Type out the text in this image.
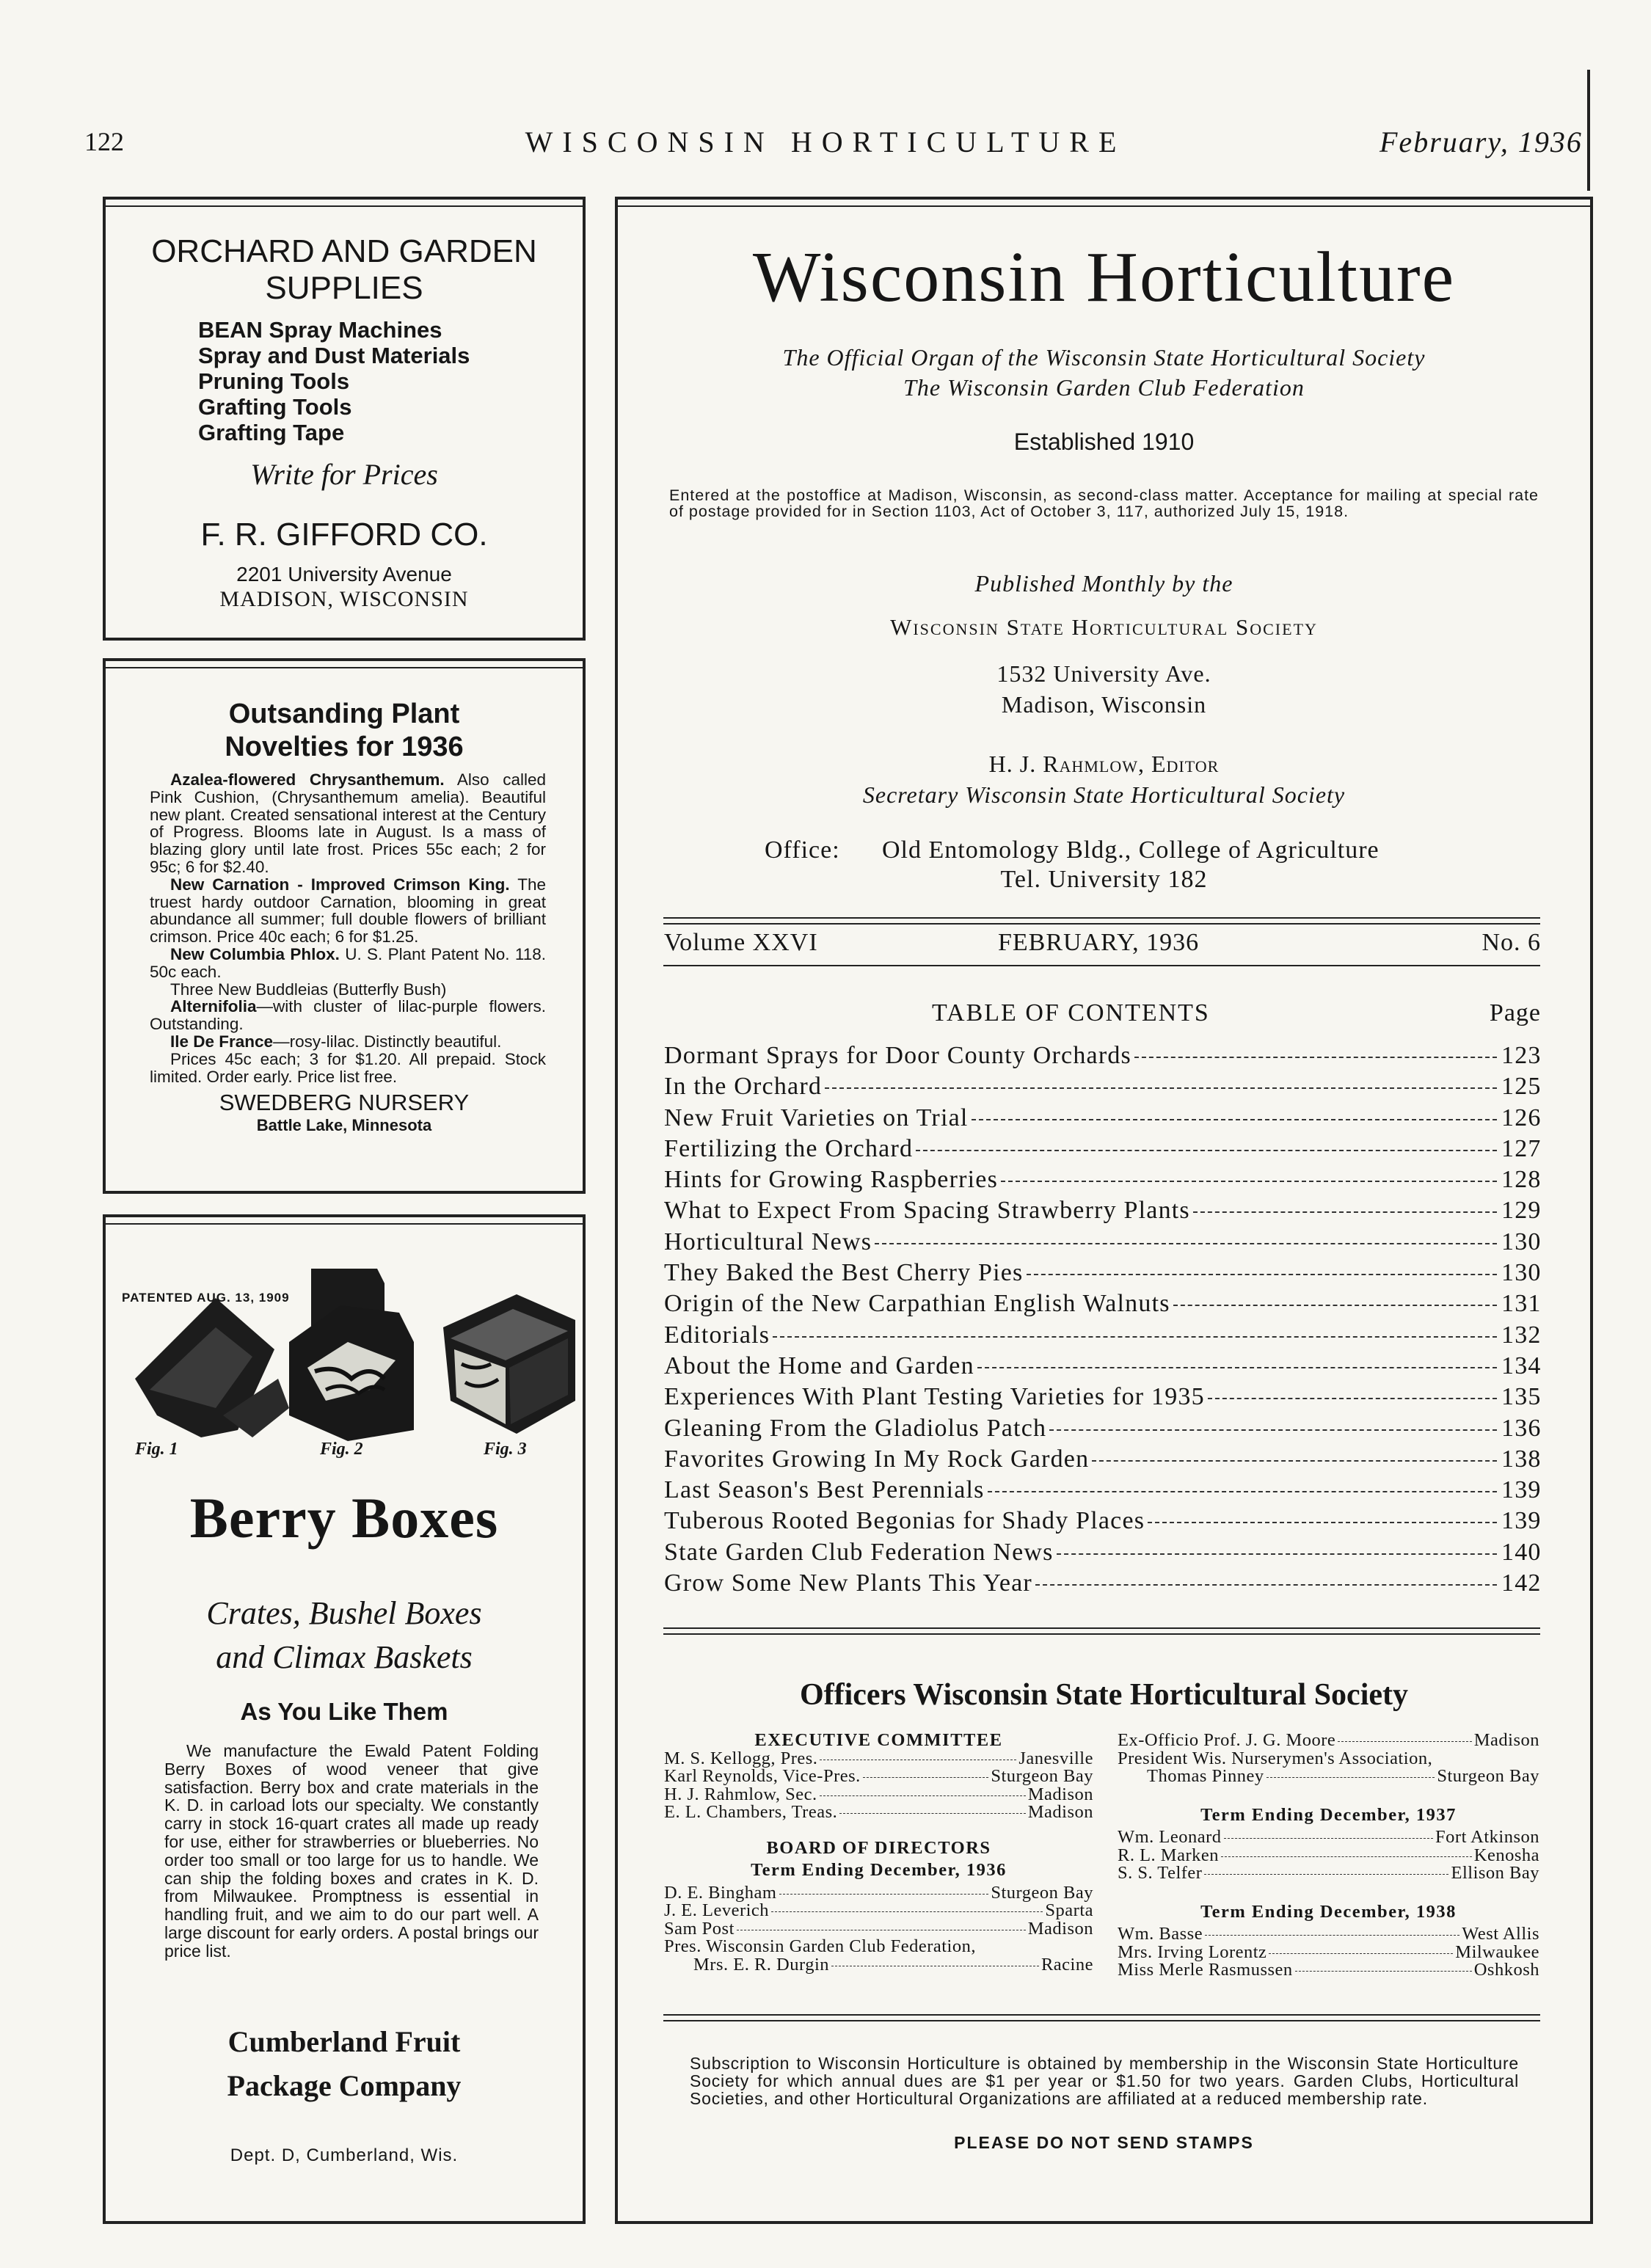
122	WISCONSIN HORTICULTURE	February, 1936
ORCHARD AND GARDEN SUPPLIES
BEAN Spray Machines
Spray and Dust Materials
Pruning Tools
Grafting Tools
Grafting Tape
Write for Prices
F. R. GIFFORD CO.
2201 University Avenue
MADISON, WISCONSIN
Outsanding Plant Novelties for 1936

Azalea-flowered Chrysanthemum. Also called Pink Cushion, (Chrysanthemum amelia). Beautiful new plant. Created sensational interest at the Century of Progress. Blooms late in August. Is a mass of blazing glory until late frost. Prices 55c each; 2 for 95c; 6 for $2.40.

New Carnation - Improved Crimson King. The truest hardy outdoor Carnation, blooming in great abundance all summer; full double flowers of brilliant crimson. Price 40c each; 6 for $1.25.

New Columbia Phlox. U. S. Plant Patent No. 118. 50c each.

Three New Buddleias (Butterfly Bush)

Alternifolia—with cluster of lilac-purple flowers. Outstanding.

Ile De France—rosy-lilac. Distinctly beautiful.

Prices 45c each; 3 for $1.20. All prepaid. Stock limited. Order early. Price list free.

SWEDBERG NURSERY
Battle Lake, Minnesota
PATENTED AUG. 13, 1909
Fig. 1	Fig. 2	Fig. 3
Berry Boxes
Crates, Bushel Boxes
and Climax Baskets
As You Like Them
We manufacture the Ewald Patent Folding Berry Boxes of wood veneer that give satisfaction. Berry box and crate materials in the K. D. in carload lots our specialty. We constantly carry in stock 16-quart crates all made up ready for use, either for strawberries or blueberries. No order too small or too large for us to handle. We can ship the folding boxes and crates in K. D. from Milwaukee. Promptness is essential in handling fruit, and we aim to do our part well. A large discount for early orders. A postal brings our price list.
Cumberland Fruit
Package Company
Dept. D, Cumberland, Wis.
Wisconsin Horticulture
The Official Organ of the Wisconsin State Horticultural Society
The Wisconsin Garden Club Federation
Established 1910
Entered at the postoffice at Madison, Wisconsin, as second-class matter. Acceptance for mailing at special rate of postage provided for in Section 1103, Act of October 3, 117, authorized July 15, 1918.
Published Monthly by the
Wisconsin State Horticultural Society
1532 University Ave.
Madison, Wisconsin
H. J. Rahmlow, Editor
Secretary Wisconsin State Horticultural Society
Office: Old Entomology Bldg., College of Agriculture
Tel. University 182
Volume XXVI	FEBRUARY, 1936	No. 6
TABLE OF CONTENTS	Page
Dormant Sprays for Door County Orchards	123
In the Orchard	125
New Fruit Varieties on Trial	126
Fertilizing the Orchard	127
Hints for Growing Raspberries	128
What to Expect From Spacing Strawberry Plants	129
Horticultural News	130
They Baked the Best Cherry Pies	130
Origin of the New Carpathian English Walnuts	131
Editorials	132
About the Home and Garden	134
Experiences With Plant Testing Varieties for 1935	135
Gleaning From the Gladiolus Patch	136
Favorites Growing In My Rock Garden	138
Last Season's Best Perennials	139
Tuberous Rooted Begonias for Shady Places	139
State Garden Club Federation News	140
Grow Some New Plants This Year	142
Officers Wisconsin State Horticultural Society
EXECUTIVE COMMITTEE
M. S. Kellogg, Pres.	Janesville
Karl Reynolds, Vice-Pres.	Sturgeon Bay
H. J. Rahmlow, Sec.	Madison
E. L. Chambers, Treas.	Madison
BOARD OF DIRECTORS
Term Ending December, 1936
D. E. Bingham	Sturgeon Bay
J. E. Leverich	Sparta
Sam Post	Madison
Pres. Wisconsin Garden Club Federation,
Mrs. E. R. Durgin	Racine
Ex-Officio Prof. J. G. Moore	Madison
President Wis. Nurserymen's Association,
Thomas Pinney	Sturgeon Bay
Term Ending December, 1937
Wm. Leonard	Fort Atkinson
R. L. Marken	Kenosha
S. S. Telfer	Ellison Bay
Term Ending December, 1938
Wm. Basse	West Allis
Mrs. Irving Lorentz	Milwaukee
Miss Merle Rasmussen	Oshkosh
Subscription to Wisconsin Horticulture is obtained by membership in the Wisconsin State Horticulture Society for which annual dues are $1 per year or $1.50 for two years. Garden Clubs, Horticultural Societies, and other Horticultural Organizations are affiliated at a reduced membership rate.
PLEASE DO NOT SEND STAMPS
